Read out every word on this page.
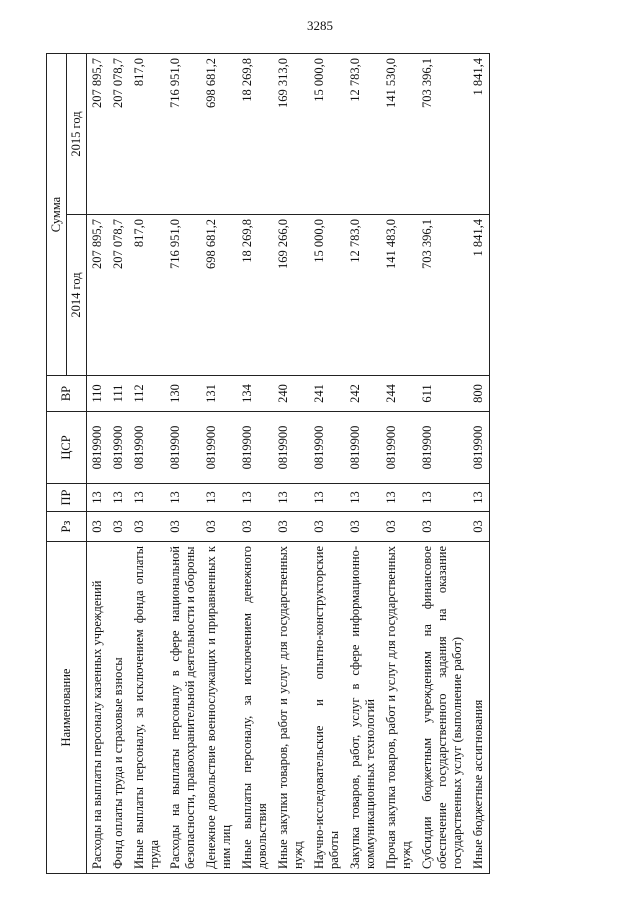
3285
Наименование	Рз	ПР	ЦСР	ВР	Сумма	
					2014 год	2015 год
Расходы на выплаты персоналу казенных учреждений	03	13	0819900	110	207 895,7	207 895,7
Фонд оплаты труда и страховые взносы	03	13	0819900	111	207 078,7	207 078,7
Иные выплаты персоналу, за исключением фонда оплаты труда	03	13	0819900	112	817,0	817,0
Расходы на выплаты персоналу в сфере национальной безопасности, правоохранительной деятельности и обороны	03	13	0819900	130	716 951,0	716 951,0
Денежное довольствие военнослужащих и приравненных к ним лиц	03	13	0819900	131	698 681,2	698 681,2
Иные выплаты персоналу, за исключением денежного довольствия	03	13	0819900	134	18 269,8	18 269,8
Иные закупки товаров, работ и услуг для государственных нужд	03	13	0819900	240	169 266,0	169 313,0
Научно-исследовательские и опытно-конструкторские работы	03	13	0819900	241	15 000,0	15 000,0
Закупка товаров, работ, услуг в сфере информационно-коммуникационных технологий	03	13	0819900	242	12 783,0	12 783,0
Прочая закупка товаров, работ и услуг для государственных нужд	03	13	0819900	244	141 483,0	141 530,0
Субсидии бюджетным учреждениям на финансовое обеспечение государственного задания на оказание государственных услуг (выполнение работ)	03	13	0819900	611	703 396,1	703 396,1
Иные бюджетные ассигнования	03	13	0819900	800	1 841,4	1 841,4
